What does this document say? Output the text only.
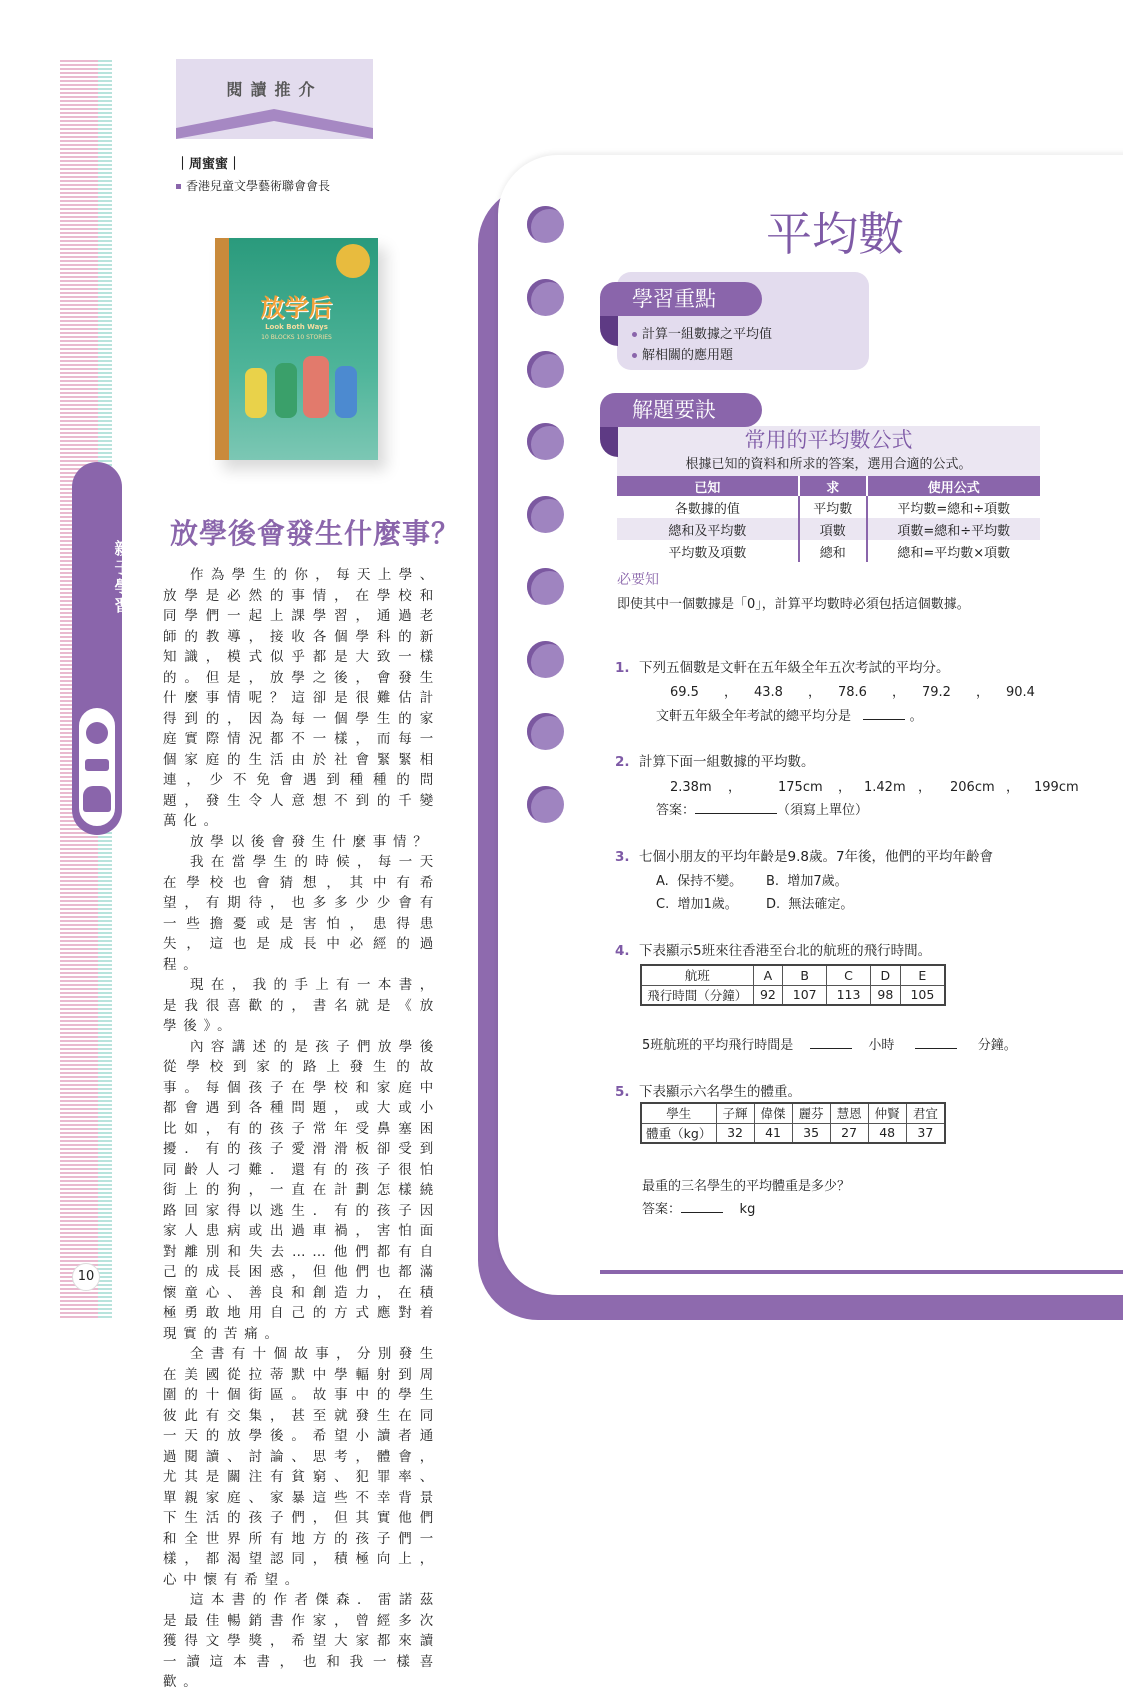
親子學習
10
閱讀推介
｜周蜜蜜｜
香港兒童文學藝術聯會會長
放学后
Look Both Ways
10 BLOCKS 10 STORIES
放學後會發生什麼事？

作為學生的你，每天上學、放學是必然的事情，在學校和同學們一起上課學習，通過老師的教導，接收各個學科的新知識，模式似乎都是大致一樣的。但是，放學之後，會發生什麼事情呢？這卻是很難估計得到的，因為每一個學生的家庭實際情況都不一樣，而每一個家庭的生活由於社會緊緊相連，少不免會遇到種種的問題，發生令人意想不到的千變萬化。

放學以後會發生什麼事情？

我在當學生的時候，每一天在學校也會猜想，其中有希望，有期待，也多多少少會有一些擔憂或是害怕，患得患失，這也是成長中必經的過程。

現在，我的手上有一本書，是我很喜歡的，書名就是《放學後》。

內容講述的是孩子們放學後從學校到家的路上發生的故事。每個孩子在學校和家庭中都會遇到各種問題，或大或小　比如，有的孩子常年受鼻塞困擾．有的孩子愛滑滑板卻受到同齡人刁難．還有的孩子很怕街上的狗，一直在計劃怎樣繞路回家得以逃生．有的孩子因家人患病或出過車禍，害怕面對離別和失去……他們都有自己的成長困惑，但他們也都滿懷童心、善良和創造力，在積極勇敢地用自己的方式應對着現實的苦痛。

全書有十個故事，分別發生在美國從拉蒂默中學輻射到周圍的十個街區。故事中的學生彼此有交集，甚至就發生在同一天的放學後。希望小讀者通過閱讀、討論、思考，體會，尤其是關注有貧窮、犯罪率、單親家庭、家暴這些不幸背景下生活的孩子們，但其實他們和全世界所有地方的孩子們一樣，都渴望認同，積極向上，心中懷有希望。

這本書的作者傑森．雷諾茲是最佳暢銷書作家，曾經多次獲得文學獎，希望大家都來讀一讀這本書，也和我一樣喜歡。

平均數
學習重點
計算一組數據之平均值
解相關的應用題
常用的平均數公式
根據已知的資料和所求的答案，選用合適的公式。
已知	求	使用公式
各數據的值	平均數	平均數=總和÷項數
總和及平均數	項數	項數=總和÷平均數
平均數及項數	總和	總和=平均數×項數
解題要訣
必要知
即使其中一個數據是「0」，計算平均數時必須包括這個數據。
1. 下列五個數是文軒在五年級全年五次考試的平均分。
69.5 ， 43.8 ， 78.6 ， 79.2 ， 90.4
文軒五年級全年考試的總平均分是	。
2. 計算下面一組數據的平均數。
2.38m ，	175cm ， 1.42m ， 206cm ， 199cm
答案：	（須寫上單位）
3. 七個小朋友的平均年齡是9.8歲。7年後，他們的平均年齡會
A. 保持不變。 B. 增加7歲。
C. 增加1歲。 D. 無法確定。
4. 下表顯示5班來往香港至台北的航班的飛行時間。
航班	A	B	C	D	E
飛行時間（分鐘）	92	107	113	98	105
5班航班的平均飛行時間是	小時	分鐘。
5. 下表顯示六名學生的體重。
學生	子輝	偉傑	麗芬	慧恩	仲賢	君宜
體重（kg）	32	41	35	27	48	37
最重的三名學生的平均體重是多少？
答案：	kg
